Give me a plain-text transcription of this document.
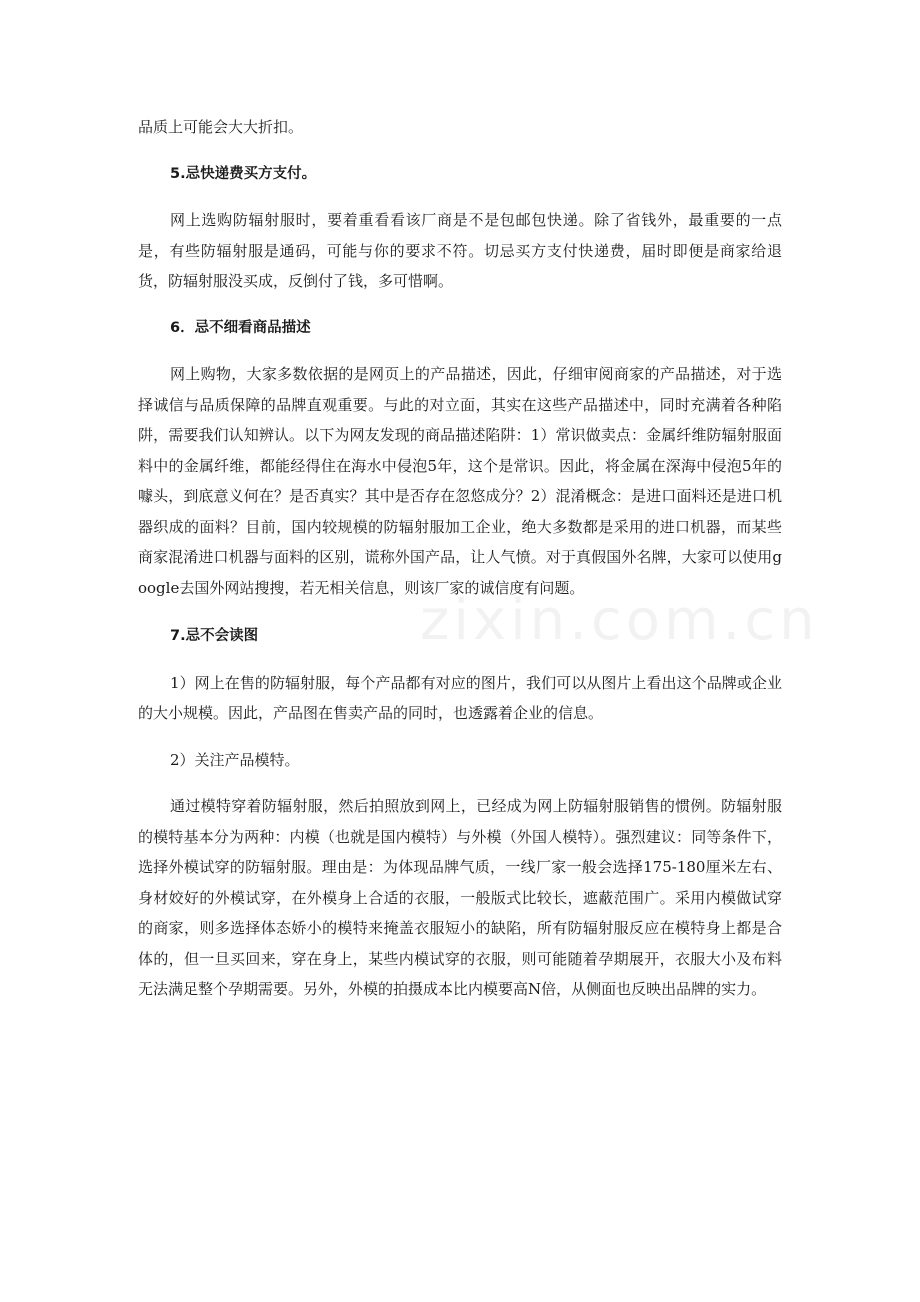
zixin.com.cn

品质上可能会大大折扣。

5.忌快递费买方支付。

网上选购防辐射服时，要着重看看该厂商是不是包邮包快递。除了省钱外，最重要的一点是，有些防辐射服是通码，可能与你的要求不符。切忌买方支付快递费，届时即便是商家给退货，防辐射服没买成，反倒付了钱，多可惜啊。

6．忌不细看商品描述

网上购物，大家多数依据的是网页上的产品描述，因此，仔细审阅商家的产品描述，对于选择诚信与品质保障的品牌直观重要。与此的对立面，其实在这些产品描述中，同时充满着各种陷阱，需要我们认知辨认。以下为网友发现的商品描述陷阱：1）常识做卖点：金属纤维防辐射服面料中的金属纤维，都能经得住在海水中侵泡5年，这个是常识。因此，将金属在深海中侵泡5年的噱头，到底意义何在？是否真实？其中是否存在忽悠成分？2）混淆概念：是进口面料还是进口机器织成的面料？目前，国内较规模的防辐射服加工企业，绝大多数都是采用的进口机器，而某些商家混淆进口机器与面料的区别，谎称外国产品，让人气愤。对于真假国外名牌，大家可以使用google去国外网站搜搜，若无相关信息，则该厂家的诚信度有问题。

7.忌不会读图

1）网上在售的防辐射服，每个产品都有对应的图片，我们可以从图片上看出这个品牌或企业的大小规模。因此，产品图在售卖产品的同时，也透露着企业的信息。

2）关注产品模特。

通过模特穿着防辐射服，然后拍照放到网上，已经成为网上防辐射服销售的惯例。防辐射服的模特基本分为两种：内模（也就是国内模特）与外模（外国人模特）。强烈建议：同等条件下，选择外模试穿的防辐射服。理由是：为体现品牌气质，一线厂家一般会选择175-180厘米左右、身材姣好的外模试穿，在外模身上合适的衣服，一般版式比较长，遮蔽范围广。采用内模做试穿的商家，则多选择体态娇小的模特来掩盖衣服短小的缺陷，所有防辐射服反应在模特身上都是合体的，但一旦买回来，穿在身上，某些内模试穿的衣服，则可能随着孕期展开，衣服大小及布料无法满足整个孕期需要。另外，外模的拍摄成本比内模要高N倍，从侧面也反映出品牌的实力。
